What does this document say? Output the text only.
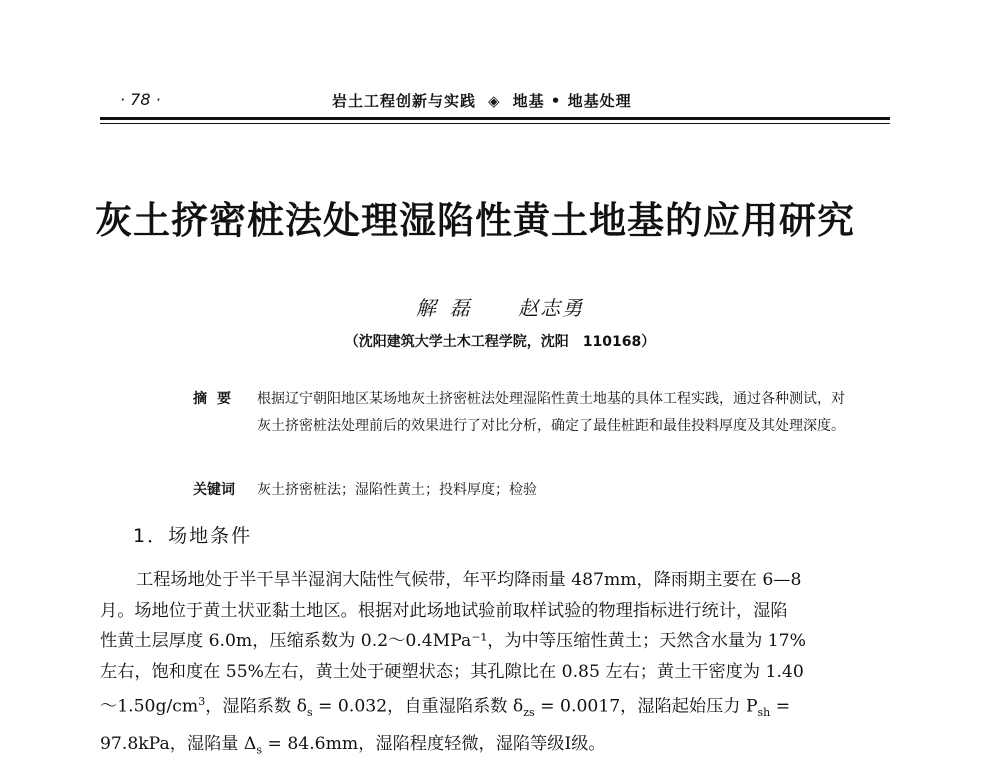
· 78 ·	岩土工程创新与实践 ◈ 地基 • 地基处理
灰土挤密桩法处理湿陷性黄土地基的应用研究
解磊 赵志勇
（沈阳建筑大学土木工程学院，沈阳　110168）
摘要 根据辽宁朝阳地区某场地灰土挤密桩法处理湿陷性黄土地基的具体工程实践，通过各种测试，对灰土挤密桩法处理前后的效果进行了对比分析，确定了最佳桩距和最佳投料厚度及其处理深度。
关键词 灰土挤密桩法；湿陷性黄土；投料厚度；检验
1．场地条件
工程场地处于半干旱半湿润大陆性气候带，年平均降雨量 487mm，降雨期主要在 6—8
月。场地位于黄土状亚黏土地区。根据对此场地试验前取样试验的物理指标进行统计，湿陷
性黄土层厚度 6.0m，压缩系数为 0.2～0.4MPa⁻¹，为中等压缩性黄土；天然含水量为 17%
左右，饱和度在 55%左右，黄土处于硬塑状态；其孔隙比在 0.85 左右；黄土干密度为 1.40
$\sim 1.50g/cm^3$，湿陷系数 $\delta_s = 0.032$，自重湿陷系数 $\delta_{zs} = 0.0017$，湿陷起始压力 $P_{sh}$ =
97.8kPa，湿陷量 $\Delta_s = 84.6mm$，湿陷程度轻微，湿陷等级Ⅰ级。
